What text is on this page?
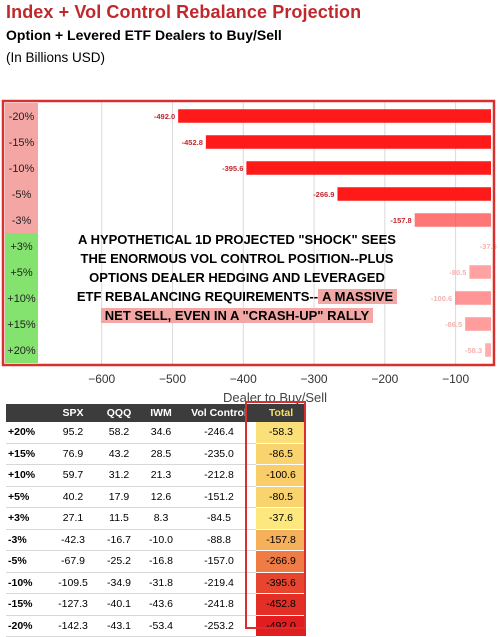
Index + Vol Control Rebalance Projection
Option + Levered ETF Dealers to Buy/Sell
(In Billions USD)
-20%	-492.0
-15%	-452.8
-10%	-395.6
-5%	-266.9
-3%	-157.8
+3%	-37.6
+5%	-80.5
+10%	-100.6
+15%	-86.5
+20%	-58.3
−600	−500	−400	−300	−200	−100
Dealer to Buy/Sell
A HYPOTHETICAL 1D PROJECTED "SHOCK" SEES
THE ENORMOUS VOL CONTROL POSITION--PLUS
OPTIONS DEALER HEDGING AND LEVERAGED
ETF REBALANCING REQUIREMENTS-- A MASSIVE
NET SELL, EVEN IN A "CRASH-UP" RALLY
	SPX	QQQ	IWM	Vol Control	Total
+20%	95.2	58.2	34.6	-246.4	-58.3
+15%	76.9	43.2	28.5	-235.0	-86.5
+10%	59.7	31.2	21.3	-212.8	-100.6
+5%	40.2	17.9	12.6	-151.2	-80.5
+3%	27.1	11.5	8.3	-84.5	-37.6
-3%	-42.3	-16.7	-10.0	-88.8	-157.8
-5%	-67.9	-25.2	-16.8	-157.0	-266.9
-10%	-109.5	-34.9	-31.8	-219.4	-395.6
-15%	-127.3	-40.1	-43.6	-241.8	-452.8
-20%	-142.3	-43.1	-53.4	-253.2	-492.0
